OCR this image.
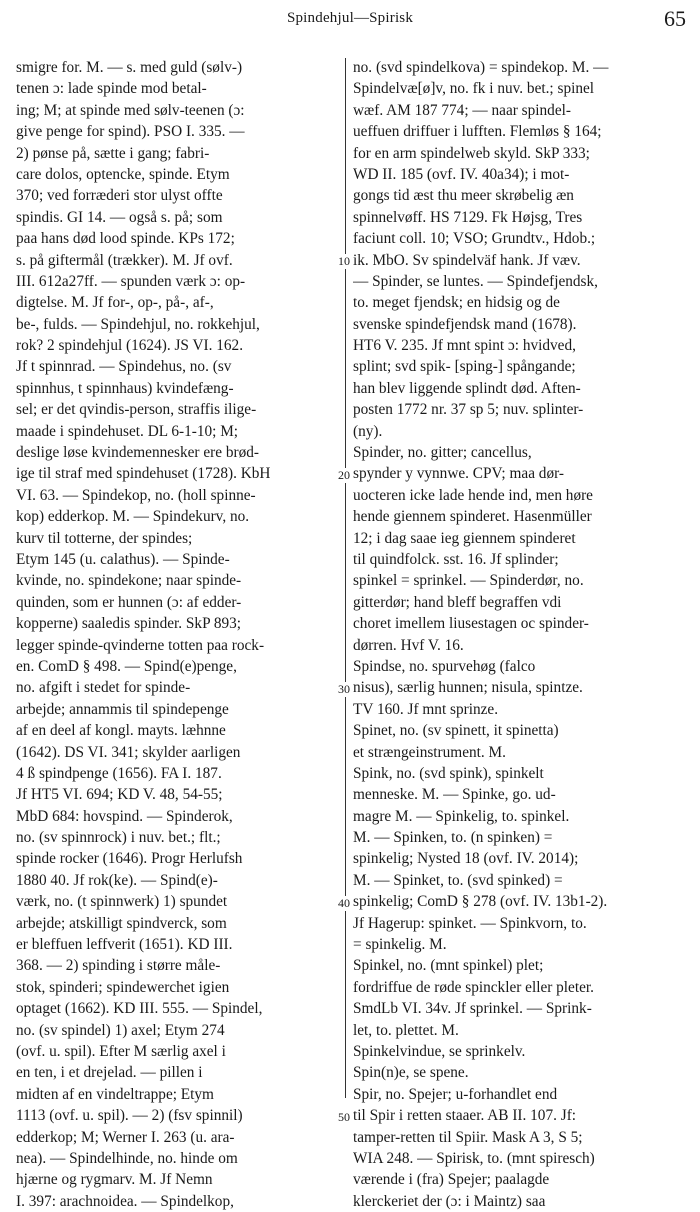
Spindehjul—Spirisk	65
smigre for. M. — s. med guld (sølv-)
tenen ɔ: lade spinde mod betal-
ing; M; at spinde med sølv-teenen (ɔ:
give penge for spind). PSO I. 335. —
2) pønse på, sætte i gang; fabri-
care dolos, optencke, spinde. Etym
370; ved forræderi stor ulyst offte
spindis. GI 14. — også s. på; som
paa hans død lood spinde. KPs 172;
s. på giftermål (trækker). M. Jf ovf.
III. 612a27ff. — spunden værk ɔ: op-
digtelse. M. Jf for-, op-, på-, af-,
be-, fulds. — Spindehjul, no. rokkehjul,
rok? 2 spindehjul (1624). JS VI. 162.
Jf t spinnrad. — Spindehus, no. (sv
spinnhus, t spinnhaus) kvindefæng-
sel; er det qvindis-person, straffis ilige-
maade i spindehuset. DL 6-1-10; M;
deslige løse kvindemennesker ere brød-
ige til straf med spindehuset (1728). KbH
VI. 63. — Spindekop, no. (holl spinne-
kop) edderkop. M. — Spindekurv, no.
kurv til totterne, der spindes;
Etym 145 (u. calathus). — Spinde-
kvinde, no. spindekone; naar spinde-
quinden, som er hunnen (ɔ: af edder-
kopperne) saaledis spinder. SkP 893;
legger spinde-qvinderne totten paa rock-
en. ComD § 498. — Spind(e)penge,
no. afgift i stedet for spinde-
arbejde; annammis til spindepenge
af en deel af kongl. mayts. læhnne
(1642). DS VI. 341; skylder aarligen
4 ß spindpenge (1656). FA I. 187.
Jf HT5 VI. 694; KD V. 48, 54-55;
MbD 684: hovspind. — Spinderok,
no. (sv spinnrock) i nuv. bet.; flt.;
spinde rocker (1646). Progr Herlufsh
1880 40. Jf rok(ke). — Spind(e)-
værk, no. (t spinnwerk) 1) spundet
arbejde; atskilligt spindverck, som
er bleffuen leffverit (1651). KD III.
368. — 2) spinding i større måle-
stok, spinderi; spindewerchet igien
optaget (1662). KD III. 555. — Spindel,
no. (sv spindel) 1) axel; Etym 274
(ovf. u. spil). Efter M særlig axel i
en ten, i et drejelad. — pillen i
midten af en vindeltrappe; Etym
1113 (ovf. u. spil). — 2) (fsv spinnil)
edderkop; M; Werner I. 263 (u. ara-
nea). — Spindelhinde, no. hinde om
hjærne og rygmarv. M. Jf Nemn
I. 397: arachnoidea. — Spindelkop,
10
20
30
40
50
no. (svd spindelkova) = spindekop. M. —
Spindelvæ[ø]v, no. fk i nuv. bet.; spinel
wæf. AM 187 774; — naar spindel-
ueffuen driffuer i lufften. Flemløs § 164;
for en arm spindelweb skyld. SkP 333;
WD II. 185 (ovf. IV. 40a34); i mot-
gongs tid æst thu meer skrøbelig æn
spinnelvøff. HS 7129. Fk Højsg, Tres
faciunt coll. 10; VSO; Grundtv., Hdob.;
ik. MbO. Sv spindelväf hank. Jf væv.
— Spinder, se luntes. — Spindefjendsk,
to. meget fjendsk; en hidsig og de
svenske spindefjendsk mand (1678).
HT6 V. 235. Jf mnt spint ɔ: hvidved,
splint; svd spik- [sping-] spångande;
han blev liggende splindt død. Aften-
posten 1772 nr. 37 sp 5; nuv. splinter-
(ny).
Spinder, no. gitter; cancellus,
spynder y vynnwe. CPV; maa dør-
uocteren icke lade hende ind, men høre
hende giennem spinderet. Hasenmüller
12; i dag saae ieg giennem spinderet
til quindfolck. sst. 16. Jf splinder;
spinkel = sprinkel. — Spinderdør, no.
gitterdør; hand bleff begraffen vdi
choret imellem liusestagen oc spinder-
dørren. Hvf V. 16.
Spindse, no. spurvehøg (falco
nisus), særlig hunnen; nisula, spintze.
TV 160. Jf mnt sprinze.
Spinet, no. (sv spinett, it spinetta)
et strængeinstrument. M.
Spink, no. (svd spink), spinkelt
menneske. M. — Spinke, go. ud-
magre M. — Spinkelig, to. spinkel.
M. — Spinken, to. (n spinken) =
spinkelig; Nysted 18 (ovf. IV. 2014);
M. — Spinket, to. (svd spinked) =
spinkelig; ComD § 278 (ovf. IV. 13b1-2).
Jf Hagerup: spinket. — Spinkvorn, to.
= spinkelig. M.
Spinkel, no. (mnt spinkel) plet;
fordriffue de røde spinckler eller pleter.
SmdLb VI. 34v. Jf sprinkel. — Sprink-
let, to. plettet. M.
Spinkelvindue, se sprinkelv.
Spin(n)e, se spene.
Spir, no. Spejer; u-forhandlet end
til Spir i retten staaer. AB II. 107. Jf:
tamper-retten til Spiir. Mask A 3, S 5;
WIA 248. — Spirisk, to. (mnt spiresch)
værende i (fra) Spejer; paalagde
klerckeriet der (ɔ: i Maintz) saa
